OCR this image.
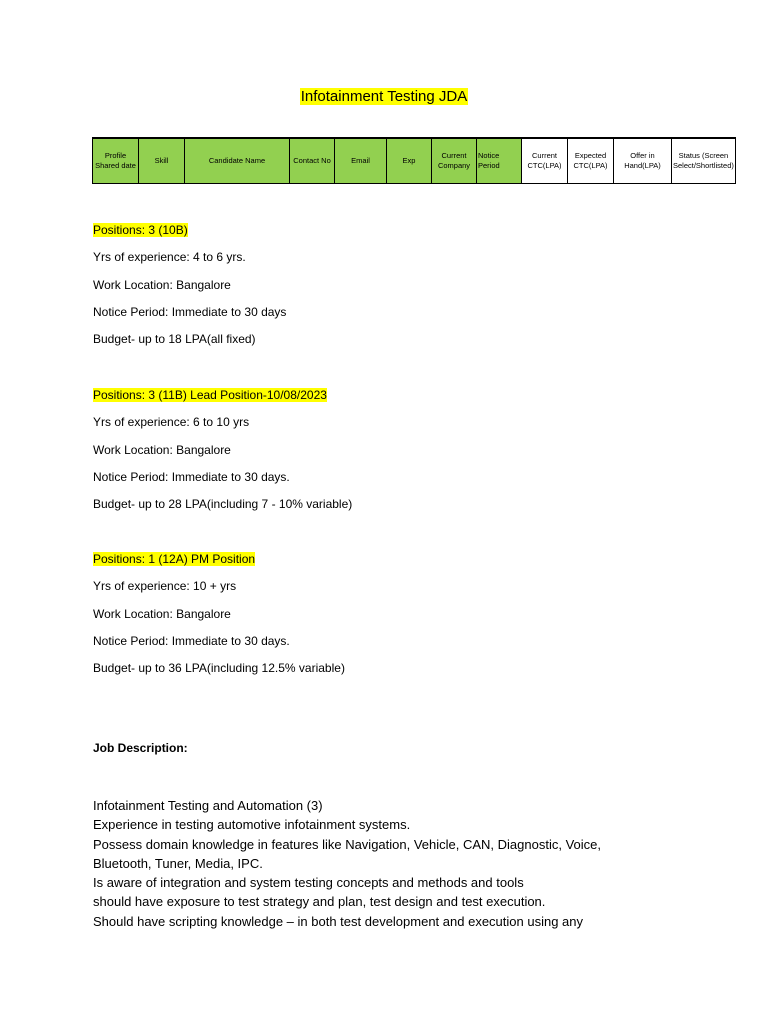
Infotainment Testing JDA
Profile Shared date	Skill	Candidate Name	Contact No	Email	Exp	Current Company	Notice Period	Current CTC(LPA)	Expected CTC(LPA)	Offer in Hand(LPA)	Status (Screen Select/Shortlisted)
Positions: 3 (10B)
Yrs of experience: 4 to 6 yrs.
Work Location: Bangalore
Notice Period: Immediate to 30 days
Budget- up to 18 LPA(all fixed)
Positions: 3 (11B) Lead Position-10/08/2023
Yrs of experience: 6 to 10 yrs
Work Location: Bangalore
Notice Period: Immediate to 30 days.
Budget- up to 28 LPA(including 7 - 10% variable)
Positions: 1 (12A) PM Position
Yrs of experience: 10 + yrs
Work Location: Bangalore
Notice Period: Immediate to 30 days.
Budget- up to 36 LPA(including 12.5% variable)
Job Description:
Infotainment Testing and Automation (3)
Experience in testing automotive infotainment systems.
Possess domain knowledge in features like Navigation, Vehicle, CAN, Diagnostic, Voice,
Bluetooth, Tuner, Media, IPC.
Is aware of integration and system testing concepts and methods and tools
should have exposure to test strategy and plan, test design and test execution.
Should have scripting knowledge – in both test development and execution using any
